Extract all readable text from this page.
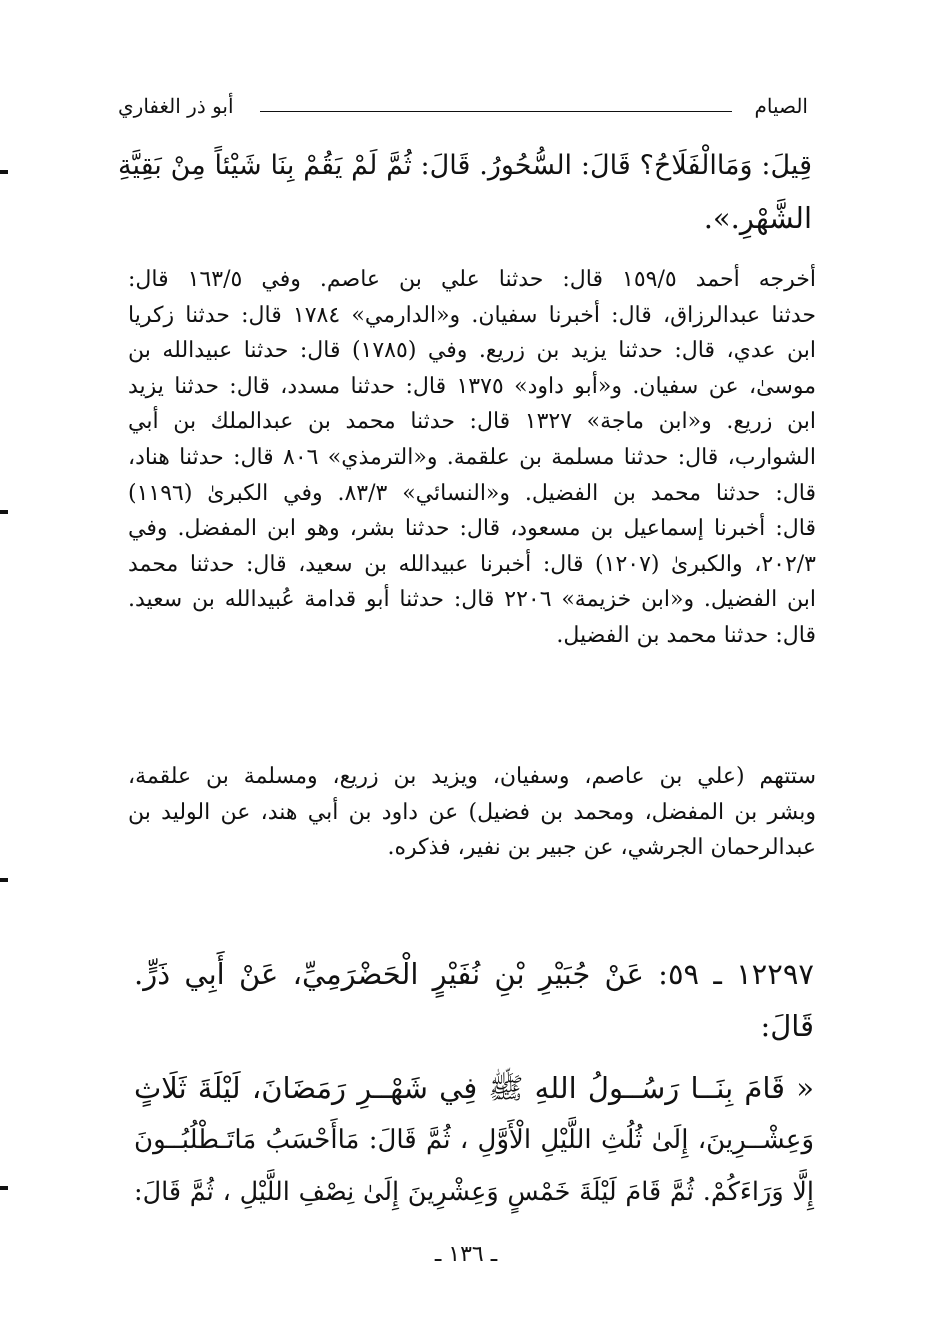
الصيام
أبو ذر الغفاري
قِيلَ: وَمَاالْفَلَاحُ؟ قَالَ: السُّحُورُ. قَالَ: ثُمَّ لَمْ يَقُمْ بِنَا شَيْئاً مِنْ بَقِيَّةِ
الشَّهْرِ.».
أخرجه أحمد ١٥٩/٥ قال: حدثنا علي بن عاصم. وفي ١٦٣/٥ قال:
حدثنا عبدالرزاق، قال: أخبرنا سفيان. و«الدارمي» ١٧٨٤ قال: حدثنا زكريا
ابن عدي، قال: حدثنا يزيد بن زريع. وفي (١٧٨٥) قال: حدثنا عبيدالله بن
موسىٰ، عن سفيان. و«أبو داود» ١٣٧٥ قال: حدثنا مسدد، قال: حدثنا يزيد
ابن زريع. و«ابن ماجة» ١٣٢٧ قال: حدثنا محمد بن عبدالملك بن أبي
الشوارب، قال: حدثنا مسلمة بن علقمة. و«الترمذي» ٨٠٦ قال: حدثنا هناد،
قال: حدثنا محمد بن الفضيل. و«النسائي» ٨٣/٣. وفي الكبرىٰ (١١٩٦)
قال: أخبرنا إسماعيل بن مسعود، قال: حدثنا بشر، وهو ابن المفضل. وفي
٢٠٢/٣، والكبرىٰ (١٢٠٧) قال: أخبرنا عبيدالله بن سعيد، قال: حدثنا محمد
ابن الفضيل. و«ابن خزيمة» ٢٢٠٦ قال: حدثنا أبو قدامة عُبيدالله بن سعيد.
قال: حدثنا محمد بن الفضيل.
ستتهم (علي بن عاصم، وسفيان، ويزيد بن زريع، ومسلمة بن علقمة،
وبشر بن المفضل، ومحمد بن فضيل) عن داود بن أبي هند، عن الوليد بن
عبدالرحمان الجرشي، عن جبير بن نفير، فذكره.
١٢٢٩٧ ـ ٥٩: عَنْ جُبَيْرِ بْنِ نُفَيْرٍ الْحَضْرَمِيِّ، عَنْ أَبِي ذَرٍّ.
قَالَ:
« قَامَ بِنَــا رَسُــولُ اللهِ ﷺ فِي شَهْــرِ رَمَضَانَ، لَيْلَةَ ثَلَاثٍ
وَعِشْــرِينَ، إِلَىٰ ثُلُثِ اللَّيْلِ الْأَوَّلِ ، ثُمَّ قَالَ: مَاأَحْسَبُ مَاتَـطْلُبُــونَ
إِلَّا وَرَاءَكُمْ. ثُمَّ قَامَ لَيْلَةَ خَمْسٍ وَعِشْرِينَ إِلَىٰ نِصْفِ اللَّيْلِ ، ثُمَّ قَالَ:
ـ ١٣٦ ـ
